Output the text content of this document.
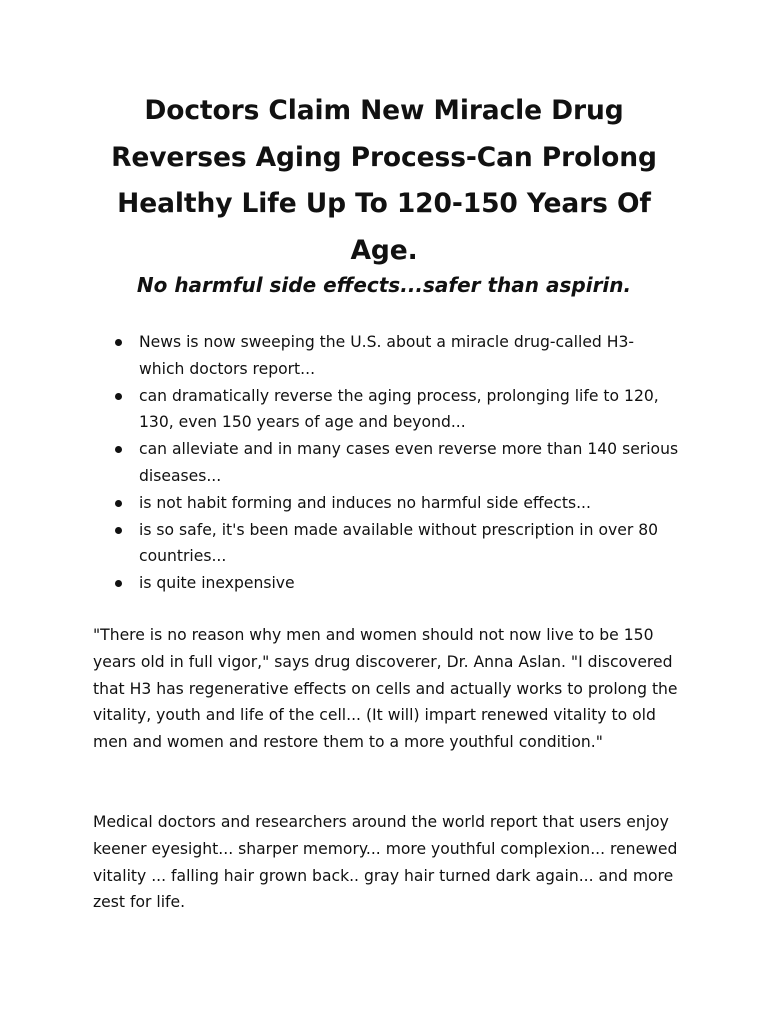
Doctors Claim New Miracle Drug Reverses Aging Process-Can Prolong Healthy Life Up To 120-150 Years Of Age.

No harmful side effects...safer than aspirin.

News is now sweeping the U.S. about a miracle drug-called H3-which doctors report...
can dramatically reverse the aging process, prolonging life to 120, 130, even 150 years of age and beyond...
can alleviate and in many cases even reverse more than 140 serious diseases...
is not habit forming and induces no harmful side effects...
is so safe, it's been made available without prescription in over 80 countries...
is quite inexpensive

"There is no reason why men and women should not now live to be 150 years old in full vigor," says drug discoverer, Dr. Anna Aslan. "I discovered that H3 has regenerative effects on cells and actually works to prolong the vitality, youth and life of the cell... (It will) impart renewed vitality to old men and women and restore them to a more youthful condition."

Medical doctors and researchers around the world report that users enjoy keener eyesight... sharper memory... more youthful complexion... renewed vitality ... falling hair grown back.. gray hair turned dark again... and more zest for life.
